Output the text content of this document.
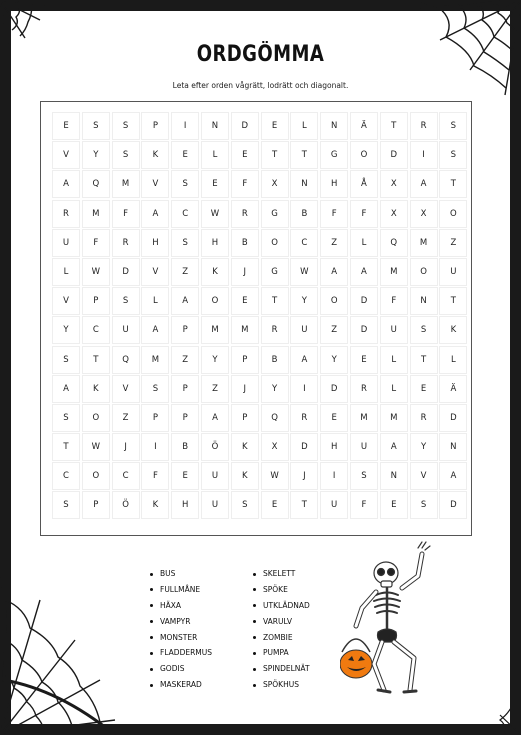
ORDGÖMMA
Leta efter orden vågrätt, lodrätt och diagonalt.
E	S	S	P	I	N	D	E	L	N	Ä	T	R	S
V	Y	S	K	E	L	E	T	T	G	O	D	I	S
A	Q	M	V	S	E	F	X	N	H	Å	X	A	T
R	M	F	A	C	W	R	G	B	F	F	X	X	O
U	F	R	H	S	H	B	O	C	Z	L	Q	M	Z
L	W	D	V	Z	K	J	G	W	A	A	M	O	U
V	P	S	L	A	O	E	T	Y	O	D	F	N	T
Y	C	U	A	P	M	M	R	U	Z	D	U	S	K
S	T	Q	M	Z	Y	P	B	A	Y	E	L	T	L
A	K	V	S	P	Z	J	Y	I	D	R	L	E	Ä
S	O	Z	P	P	A	P	Q	R	E	M	M	R	D
T	W	J	I	B	Ö	K	X	D	H	U	A	Y	N
C	O	C	F	E	U	K	W	J	I	S	N	V	A
S	P	Ö	K	H	U	S	E	T	U	F	E	S	D
BUS
FULLMÅNE
HÄXA
VAMPYR
MONSTER
FLADDERMUS
GODIS
MASKERAD
SKELETT
SPÖKE
UTKLÄDNAD
VARULV
ZOMBIE
PUMPA
SPINDELNÄT
SPÖKHUS
